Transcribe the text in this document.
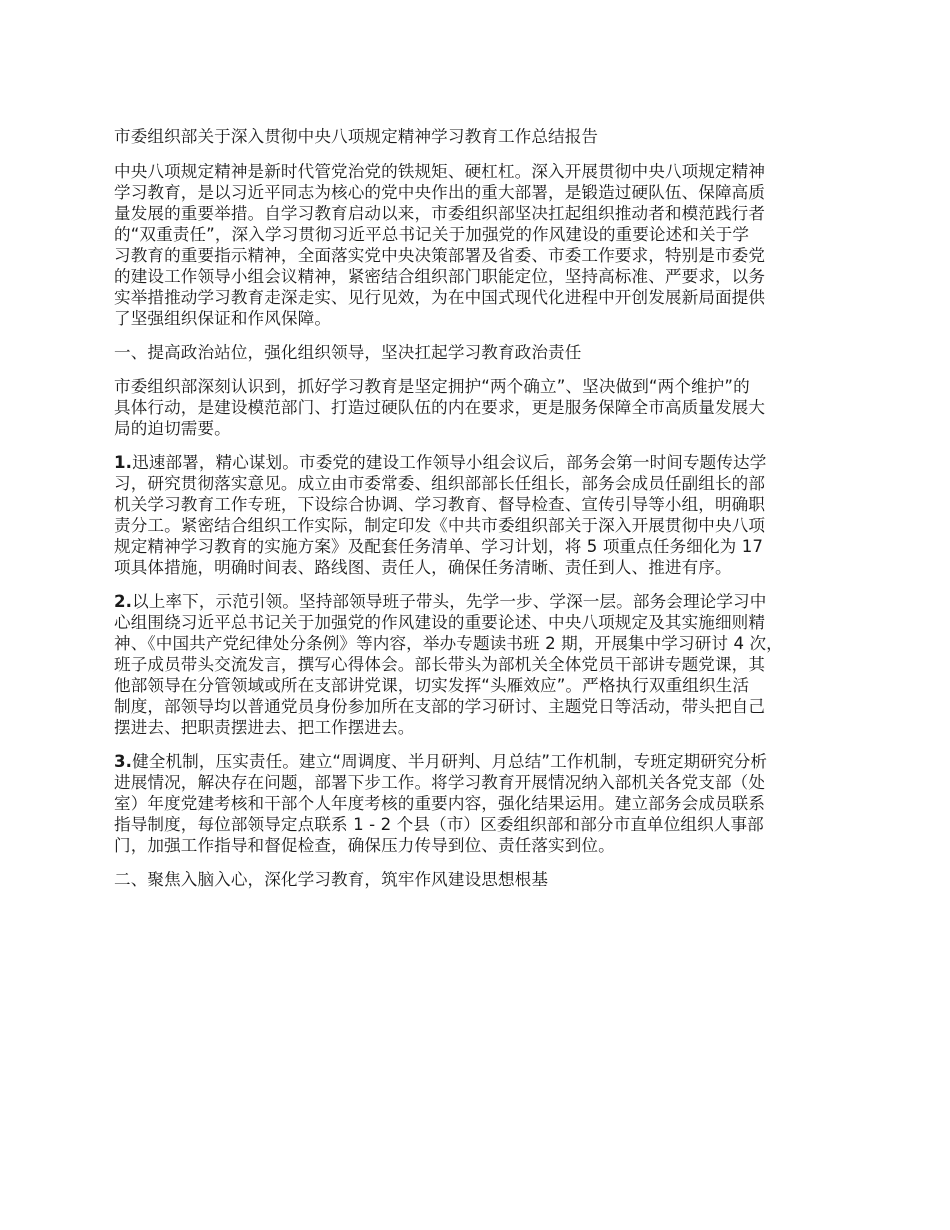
市委组织部关于深入贯彻中央八项规定精神学习教育工作总结报告
中央八项规定精神是新时代管党治党的铁规矩、硬杠杠。深入开展贯彻中央八项规定精神
学习教育，是以习近平同志为核心的党中央作出的重大部署，是锻造过硬队伍、保障高质
量发展的重要举措。自学习教育启动以来，市委组织部坚决扛起组织推动者和模范践行者
的“双重责任”，深入学习贯彻习近平总书记关于加强党的作风建设的重要论述和关于学
习教育的重要指示精神，全面落实党中央决策部署及省委、市委工作要求，特别是市委党
的建设工作领导小组会议精神，紧密结合组织部门职能定位，坚持高标准、严要求，以务
实举措推动学习教育走深走实、见行见效，为在中国式现代化进程中开创发展新局面提供
了坚强组织保证和作风保障。
一、提高政治站位，强化组织领导，坚决扛起学习教育政治责任
市委组织部深刻认识到，抓好学习教育是坚定拥护“两个确立”、坚决做到“两个维护”的
具体行动，是建设模范部门、打造过硬队伍的内在要求，更是服务保障全市高质量发展大
局的迫切需要。
1.迅速部署，精心谋划。市委党的建设工作领导小组会议后，部务会第一时间专题传达学
习，研究贯彻落实意见。成立由市委常委、组织部部长任组长，部务会成员任副组长的部
机关学习教育工作专班，下设综合协调、学习教育、督导检查、宣传引导等小组，明确职
责分工。紧密结合组织工作实际，制定印发《中共市委组织部关于深入开展贯彻中央八项
规定精神学习教育的实施方案》及配套任务清单、学习计划，将 5 项重点任务细化为 17
项具体措施，明确时间表、路线图、责任人，确保任务清晰、责任到人、推进有序。
2.以上率下，示范引领。坚持部领导班子带头，先学一步、学深一层。部务会理论学习中
心组围绕习近平总书记关于加强党的作风建设的重要论述、中央八项规定及其实施细则精
神、《中国共产党纪律处分条例》等内容，举办专题读书班 2 期，开展集中学习研讨 4 次，
班子成员带头交流发言，撰写心得体会。部长带头为部机关全体党员干部讲专题党课，其
他部领导在分管领域或所在支部讲党课，切实发挥“头雁效应”。严格执行双重组织生活
制度，部领导均以普通党员身份参加所在支部的学习研讨、主题党日等活动，带头把自己
摆进去、把职责摆进去、把工作摆进去。
3.健全机制，压实责任。建立“周调度、半月研判、月总结”工作机制，专班定期研究分析
进展情况，解决存在问题，部署下步工作。将学习教育开展情况纳入部机关各党支部（处
室）年度党建考核和干部个人年度考核的重要内容，强化结果运用。建立部务会成员联系
指导制度，每位部领导定点联系 1 - 2 个县（市）区委组织部和部分市直单位组织人事部
门，加强工作指导和督促检查，确保压力传导到位、责任落实到位。
二、聚焦入脑入心，深化学习教育，筑牢作风建设思想根基
